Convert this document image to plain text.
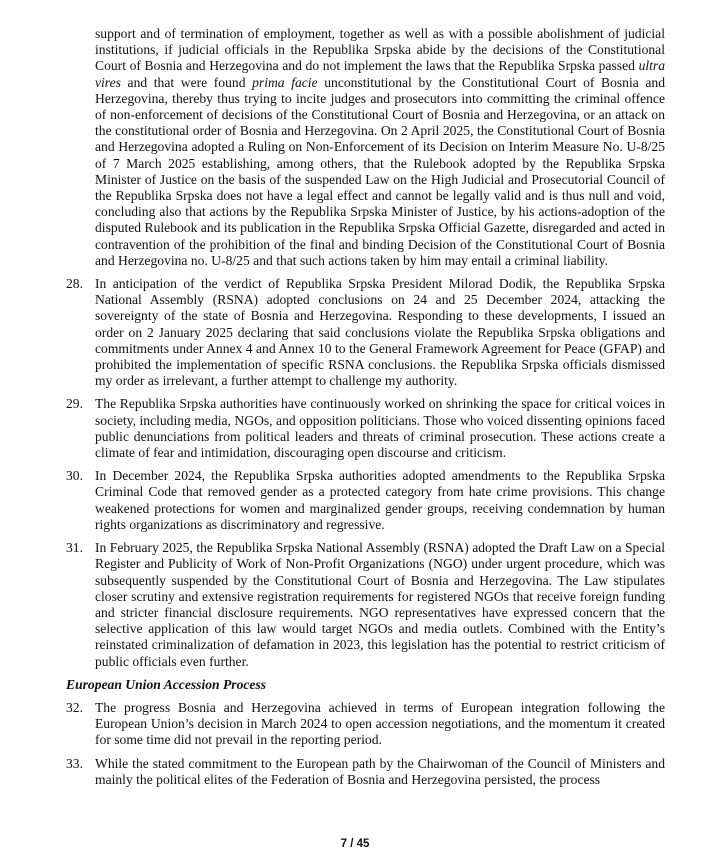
support and of termination of employment, together as well as with a possible abolishment of judicial institutions, if judicial officials in the Republika Srpska abide by the decisions of the Constitutional Court of Bosnia and Herzegovina and do not implement the laws that the Republika Srpska passed ultra vires and that were found prima facie unconstitutional by the Constitutional Court of Bosnia and Herzegovina, thereby thus trying to incite judges and prosecutors into committing the criminal offence of non-enforcement of decisions of the Constitutional Court of Bosnia and Herzegovina, or an attack on the constitutional order of Bosnia and Herzegovina. On 2 April 2025, the Constitutional Court of Bosnia and Herzegovina adopted a Ruling on Non-Enforcement of its Decision on Interim Measure No. U-8/25 of 7 March 2025 establishing, among others, that the Rulebook adopted by the Republika Srpska Minister of Justice on the basis of the suspended Law on the High Judicial and Prosecutorial Council of the Republika Srpska does not have a legal effect and cannot be legally valid and is thus null and void, concluding also that actions by the Republika Srpska Minister of Justice, by his actions-adoption of the disputed Rulebook and its publication in the Republika Srpska Official Gazette, disregarded and acted in contravention of the prohibition of the final and binding Decision of the Constitutional Court of Bosnia and Herzegovina no. U-8/25 and that such actions taken by him may entail a criminal liability.

28. In anticipation of the verdict of Republika Srpska President Milorad Dodik, the Republika Srpska National Assembly (RSNA) adopted conclusions on 24 and 25 December 2024, attacking the sovereignty of the state of Bosnia and Herzegovina. Responding to these developments, I issued an order on 2 January 2025 declaring that said conclusions violate the Republika Srpska obligations and commitments under Annex 4 and Annex 10 to the General Framework Agreement for Peace (GFAP) and prohibited the implementation of specific RSNA conclusions. the Republika Srpska officials dismissed my order as irrelevant, a further attempt to challenge my authority.
29. The Republika Srpska authorities have continuously worked on shrinking the space for critical voices in society, including media, NGOs, and opposition politicians. Those who voiced dissenting opinions faced public denunciations from political leaders and threats of criminal prosecution. These actions create a climate of fear and intimidation, discouraging open discourse and criticism.
30. In December 2024, the Republika Srpska authorities adopted amendments to the Republika Srpska Criminal Code that removed gender as a protected category from hate crime provisions. This change weakened protections for women and marginalized gender groups, receiving condemnation by human rights organizations as discriminatory and regressive.
31. In February 2025, the Republika Srpska National Assembly (RSNA) adopted the Draft Law on a Special Register and Publicity of Work of Non-Profit Organizations (NGO) under urgent procedure, which was subsequently suspended by the Constitutional Court of Bosnia and Herzegovina. The Law stipulates closer scrutiny and extensive registration requirements for registered NGOs that receive foreign funding and stricter financial disclosure requirements. NGO representatives have expressed concern that the selective application of this law would target NGOs and media outlets. Combined with the Entity’s reinstated criminalization of defamation in 2023, this legislation has the potential to restrict criticism of public officials even further.
European Union Accession Process
32. The progress Bosnia and Herzegovina achieved in terms of European integration following the European Union’s decision in March 2024 to open accession negotiations, and the momentum it created for some time did not prevail in the reporting period.
33. While the stated commitment to the European path by the Chairwoman of the Council of Ministers and mainly the political elites of the Federation of Bosnia and Herzegovina persisted, the process
7 / 45
